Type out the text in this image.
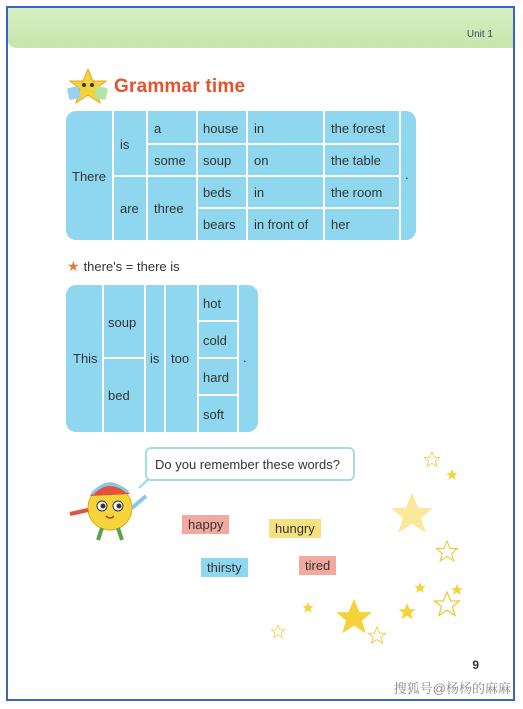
Unit 1
Grammar time
There
is
are
a
some
three
house
soup
beds
bears
in
on
in
in front of
the forest
the table
the room
her
.
★ there's = there is
This
soup
bed
is too
hot
cold
hard
soft
.
Do you remember these words?
happy	hungry
thirsty	tired
9
搜狐号@杨杨的麻麻
